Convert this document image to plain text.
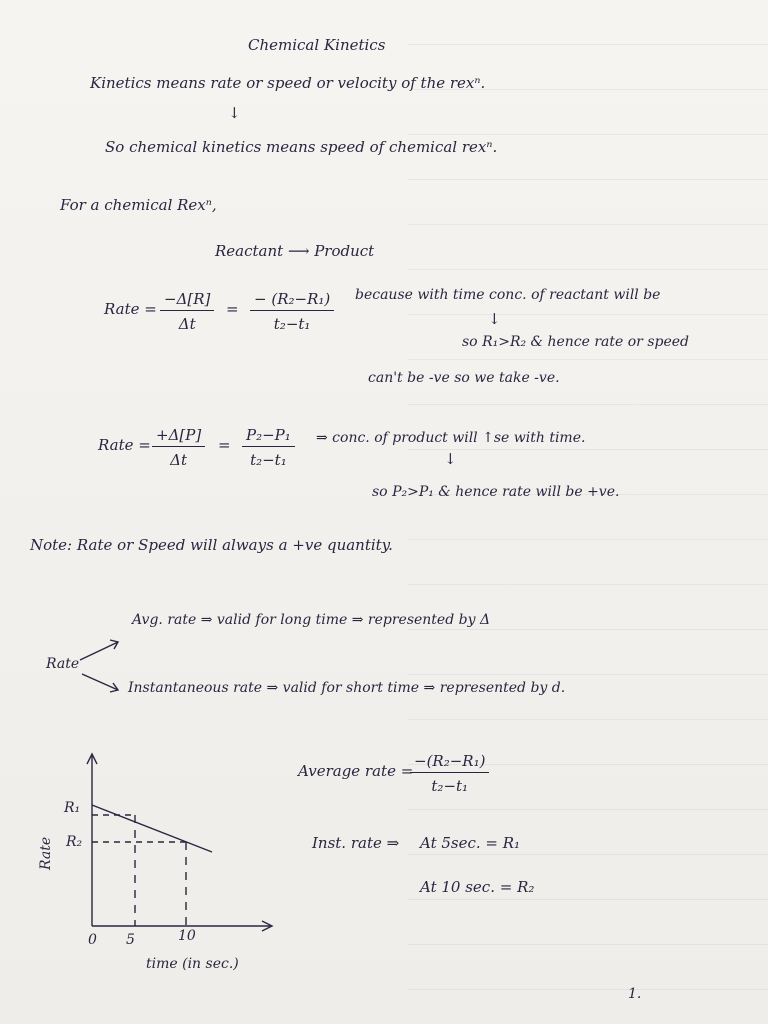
Chemical Kinetics
Kinetics means rate or speed or velocity of the rexⁿ.
↓
So chemical kinetics means speed of chemical rexⁿ.
For a chemical Rexⁿ,
Reactant ⟶ Product
Rate = $\frac{-\Delta[R]}{\Delta t} = \frac{\text{− (R₂−R₁)}}{\text{t₂−t₁}}$ because with time conc. of reactant will be
↓
so R₁>R₂ & hence rate or speed
can't be -ve so we take -ve.
Rate = $\frac{+\Delta[P]}{\Delta t} = \frac{\text{P₂−P₁}}{\text{t₂−t₁}}$ ⇒ conc. of product will ↑se with time.
↓
so P₂>P₁ & hence rate will be +ve.
Note: Rate or Speed will always a +ve quantity.
Avg. rate ⇒ valid for long time ⇒ represented by Δ
Rate
Instantaneous rate ⇒ valid for short time ⇒ represented by d.
R₁
R₂
Rate
0 5	10
time (in sec.)
Average rate =
$\frac{\text{−(R₂−R₁)}}{\text{t₂−t₁}}$
Inst. rate ⇒ At 5sec. = R₁
At 10 sec. = R₂
1.
